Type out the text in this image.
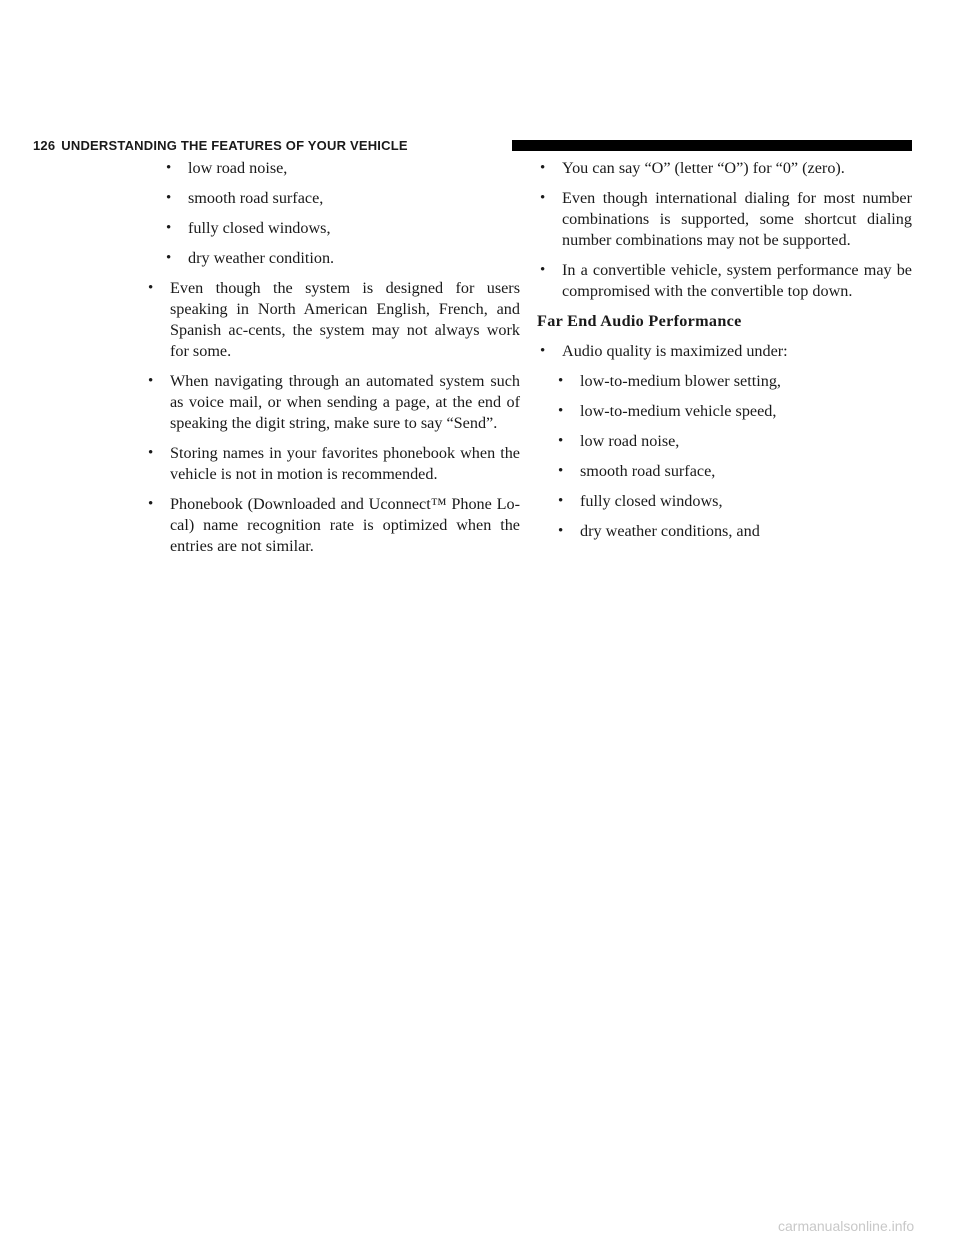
126 UNDERSTANDING THE FEATURES OF YOUR VEHICLE
• low road noise,
• smooth road surface,
• fully closed windows,
• dry weather condition.
• Even though the system is designed for users speaking in North American English, French, and Spanish ac-cents, the system may not always work for some.
• When navigating through an automated system such as voice mail, or when sending a page, at the end of speaking the digit string, make sure to say “Send”.
• Storing names in your favorites phonebook when the vehicle is not in motion is recommended.
• Phonebook (Downloaded and Uconnect™ Phone Lo-cal) name recognition rate is optimized when the entries are not similar.
• You can say “O” (letter “O”) for “0” (zero).
• Even though international dialing for most number combinations is supported, some shortcut dialing number combinations may not be supported.
• In a convertible vehicle, system performance may be compromised with the convertible top down.
Far End Audio Performance
• Audio quality is maximized under:
• low-to-medium blower setting,
• low-to-medium vehicle speed,
• low road noise,
• smooth road surface,
• fully closed windows,
• dry weather conditions, and
carmanualsonline.info
